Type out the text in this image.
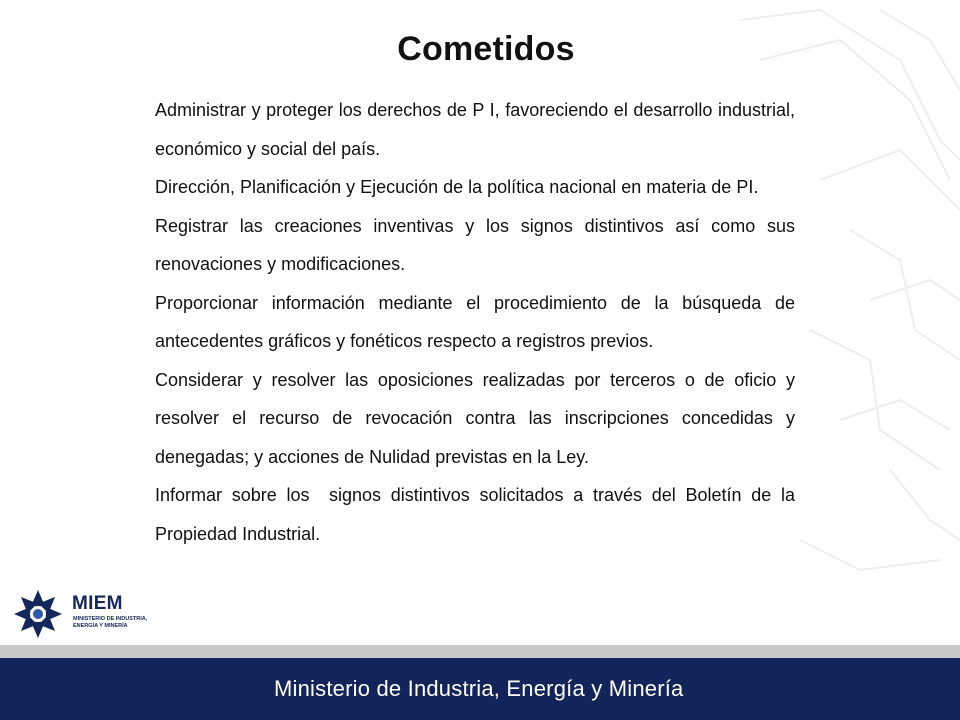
Cometidos

Administrar y proteger los derechos de P I, favoreciendo el desarrollo industrial, económico y social del país.

Dirección, Planificación y Ejecución de la política nacional en materia de PI.

Registrar las creaciones inventivas y los signos distintivos así como sus renovaciones y modificaciones.

Proporcionar información mediante el procedimiento de la búsqueda de antecedentes gráficos y fonéticos respecto a registros previos.

Considerar y resolver las oposiciones realizadas por terceros o de oficio y resolver el recurso de revocación contra las inscripciones concedidas y denegadas; y acciones de Nulidad previstas en la Ley.

Informar sobre los  signos distintivos solicitados a través del Boletín de la Propiedad Industrial.

MIEM
MINISTERIO DE INDUSTRIA, ENERGÍA Y MINERÍA
Ministerio de Industria, Energía y Minería
